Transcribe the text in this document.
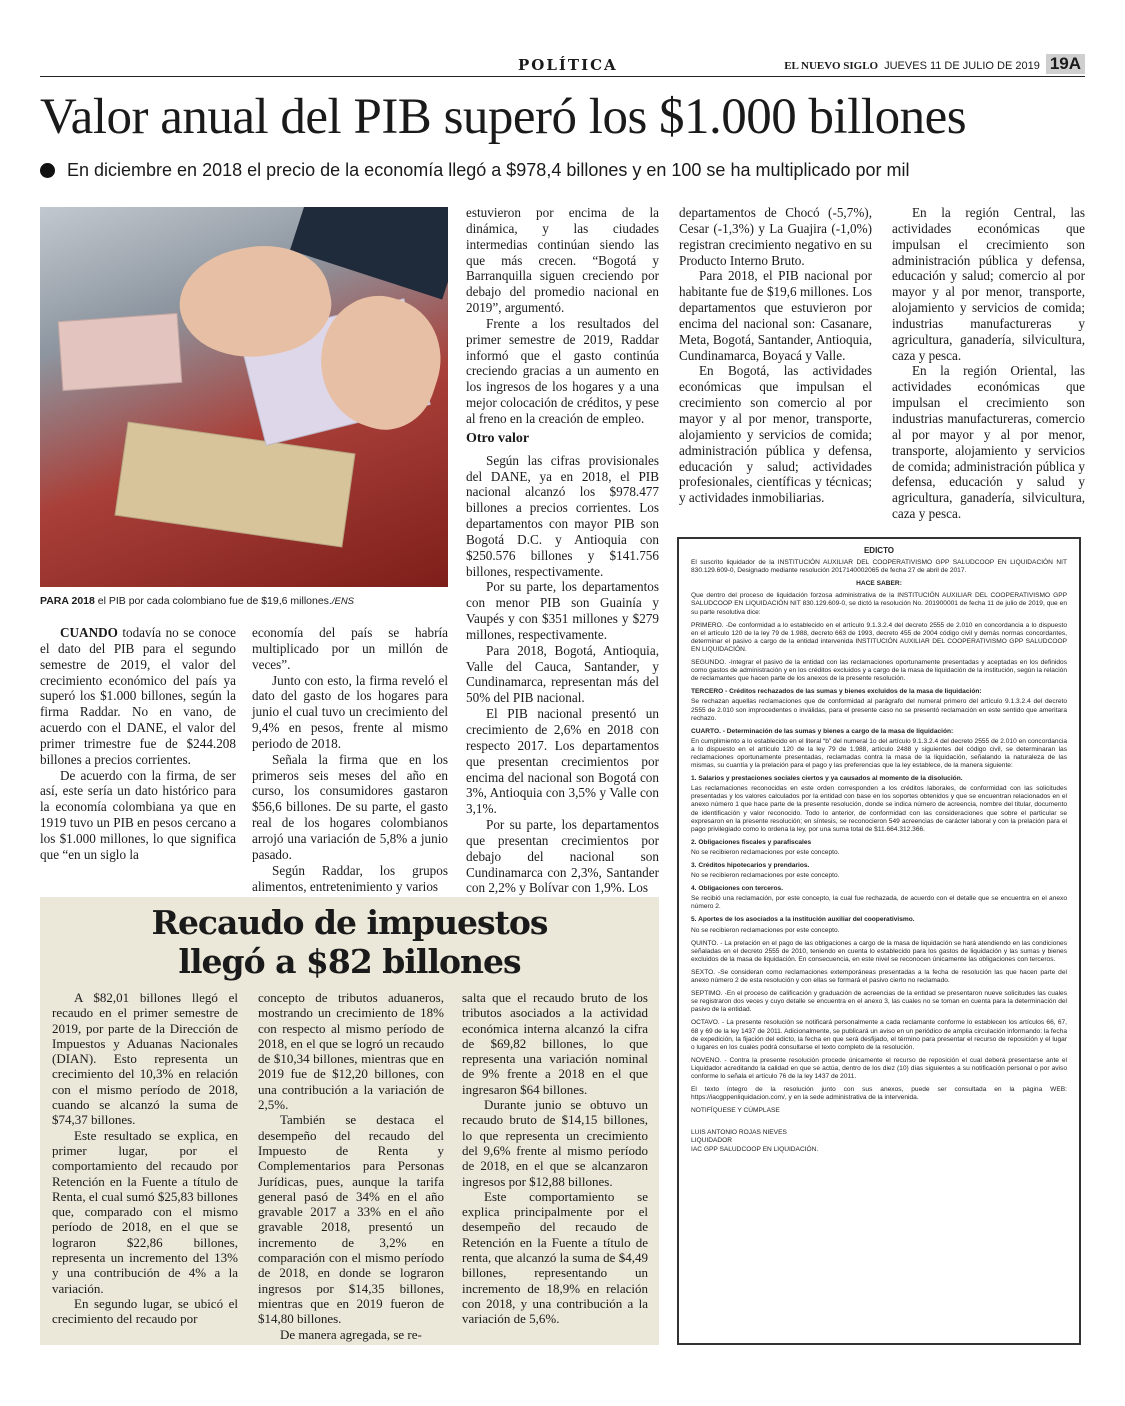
POLÍTICA	EL NUEVO SIGLO JUEVES 11 DE JULIO DE 2019 19A
Valor anual del PIB superó los $1.000 billones
En diciembre en 2018 el precio de la economía llegó a $978,4 billones y en 100 se ha multiplicado por mil
PARA 2018 el PIB por cada colombiano fue de $19,6 millones./ENS

CUANDO todavía no se conoce el dato del PIB para el segundo semestre de 2019, el valor del crecimiento económico del país ya superó los $1.000 billones, según la firma Raddar. No en vano, de acuerdo con el DANE, el valor del primer trimestre fue de $244.208 billones a precios corrientes.

De acuerdo con la firma, de ser así, este sería un dato histórico para la economía colombiana ya que en 1919 tuvo un PIB en pesos cercano a los $1.000 millones, lo que significa que “en un siglo la

economía del país se habría multiplicado por un millón de veces”.

Junto con esto, la firma reveló el dato del gasto de los hogares para junio el cual tuvo un crecimiento del 9,4% en pesos, frente al mismo periodo de 2018.

Señala la firma que en los primeros seis meses del año en curso, los consumidores gastaron $56,6 billones. De su parte, el gasto real de los hogares colombianos arrojó una variación de 5,8% a junio pasado.

Según Raddar, los grupos alimentos, entretenimiento y varios

estuvieron por encima de la dinámica, y las ciudades intermedias continúan siendo las que más crecen. “Bogotá y Barranquilla siguen creciendo por debajo del promedio nacional en 2019”, argumentó.

Frente a los resultados del primer semestre de 2019, Raddar informó que el gasto continúa creciendo gracias a un aumento en los ingresos de los hogares y a una mejor colocación de créditos, y pese al freno en la creación de empleo.

Otro valor

Según las cifras provisionales del DANE, ya en 2018, el PIB nacional alcanzó los $978.477 billones a precios corrientes. Los departamentos con mayor PIB son Bogotá D.C. y Antioquia con $250.576 billones y $141.756 billones, respectivamente.

Por su parte, los departamentos con menor PIB son Guainía y Vaupés y con $351 millones y $279 millones, respectivamente.

Para 2018, Bogotá, Antioquia, Valle del Cauca, Santander, y Cundinamarca, representan más del 50% del PIB nacional.

El PIB nacional presentó un crecimiento de 2,6% en 2018 con respecto 2017. Los departamentos que presentan crecimientos por encima del nacional son Bogotá con 3%, Antioquia con 3,5% y Valle con 3,1%.

Por su parte, los departamentos que presentan crecimientos por debajo del nacional son Cundinamarca con 2,3%, Santander con 2,2% y Bolívar con 1,9%. Los

departamentos de Chocó (-5,7%), Cesar (-1,3%) y La Guajira (-1,0%) registran crecimiento negativo en su Producto Interno Bruto.

Para 2018, el PIB nacional por habitante fue de $19,6 millones. Los departamentos que estuvieron por encima del nacional son: Casanare, Meta, Bogotá, Santander, Antioquia, Cundinamarca, Boyacá y Valle.

En Bogotá, las actividades económicas que impulsan el crecimiento son comercio al por mayor y al por menor, transporte, alojamiento y servicios de comida; administración pública y defensa, educación y salud; actividades profesionales, científicas y técnicas; y actividades inmobiliarias.

En la región Central, las actividades económicas que impulsan el crecimiento son administración pública y defensa, educación y salud; comercio al por mayor y al por menor, transporte, alojamiento y servicios de comida; industrias manufactureras y agricultura, ganadería, silvicultura, caza y pesca.

En la región Oriental, las actividades económicas que impulsan el crecimiento son industrias manufactureras, comercio al por mayor y al por menor, transporte, alojamiento y servicios de comida; administración pública y defensa, educación y salud y agricultura, ganadería, silvicultura, caza y pesca.

Recaudo de impuestos
llegó a $82 billones

A $82,01 billones llegó el recaudo en el primer semestre de 2019, por parte de la Dirección de Impuestos y Aduanas Nacionales (DIAN). Esto representa un crecimiento del 10,3% en relación con el mismo período de 2018, cuando se alcanzó la suma de $74,37 billones.

Este resultado se explica, en primer lugar, por el comportamiento del recaudo por Retención en la Fuente a título de Renta, el cual sumó $25,83 billones que, comparado con el mismo período de 2018, en el que se lograron $22,86 billones, representa un incremento del 13% y una contribución de 4% a la variación.

En segundo lugar, se ubicó el crecimiento del recaudo por

concepto de tributos aduaneros, mostrando un crecimiento de 18% con respecto al mismo período de 2018, en el que se logró un recaudo de $10,34 billones, mientras que en 2019 fue de $12,20 billones, con una contribución a la variación de 2,5%.

También se destaca el desempeño del recaudo del Impuesto de Renta y Complementarios para Personas Jurídicas, pues, aunque la tarifa general pasó de 34% en el año gravable 2017 a 33% en el año gravable 2018, presentó un incremento de 3,2% en comparación con el mismo período de 2018, en donde se lograron ingresos por $14,35 billones, mientras que en 2019 fueron de $14,80 billones.

De manera agregada, se re-

salta que el recaudo bruto de los tributos asociados a la actividad económica interna alcanzó la cifra de $69,82 billones, lo que representa una variación nominal de 9% frente a 2018 en el que ingresaron $64 billones.

Durante junio se obtuvo un recaudo bruto de $14,15 billones, lo que representa un crecimiento del 9,6% frente al mismo período de 2018, en el que se alcanzaron ingresos por $12,88 billones.

Este comportamiento se explica principalmente por el desempeño del recaudo de Retención en la Fuente a título de renta, que alcanzó la suma de $4,49 billones, representando un incremento de 18,9% en relación con 2018, y una contribución a la variación de 5,6%.

EDICTO

El suscrito liquidador de la INSTITUCIÓN AUXILIAR DEL COOPERATIVISMO GPP SALUDCOOP EN LIQUIDACIÓN NIT 830.129.609-0, Designado mediante resolución 2017140002065 de fecha 27 de abril de 2017.

HACE SABER:

Que dentro del proceso de liquidación forzosa administrativa de la INSTITUCIÓN AUXILIAR DEL COOPERATIVISMO GPP SALUDCOOP EN LIQUIDACIÓN NIT 830.129.609-0, se dictó la resolución No. 201900001 de fecha 11 de julio de 2019, que en su parte resolutiva dice:

PRIMERO. -De conformidad a lo establecido en el artículo 9.1.3.2.4 del decreto 2555 de 2.010 en concordancia a lo dispuesto en el artículo 120 de la ley 79 de 1.988, decreto 663 de 1993, decreto 455 de 2004 código civil y demás normas concordantes, determinar el pasivo a cargo de la entidad intervenida INSTITUCIÓN AUXILIAR DEL COOPERATIVISMO GPP SALUDCOOP EN LIQUIDACIÓN.

SEGUNDO. -Integrar el pasivo de la entidad con las reclamaciones oportunamente presentadas y aceptadas en los definidos como gastos de administración y en los créditos excluidos y a cargo de la masa de liquidación de la institución, según la relación de reclamantes que hacen parte de los anexos de la presente resolución.

TERCERO - Créditos rechazados de las sumas y bienes excluidos de la masa de liquidación:

Se rechazan aquellas reclamaciones que de conformidad al parágrafo del numeral primero del artículo 9.1.3.2.4 del decreto 2555 de 2.010 son improcedentes o inválidas, para el presente caso no se presentó reclamación en este sentido que ameritara rechazo.

CUARTO. - Determinación de las sumas y bienes a cargo de la masa de liquidación:

En cumplimiento a lo establecido en el literal “b” del numeral 1o del artículo 9.1.3.2.4 del decreto 2555 de 2.010 en concordancia a lo dispuesto en el artículo 120 de la ley 79 de 1.988, artículo 2488 y siguientes del código civil, se determinaran las reclamaciones oportunamente presentadas, reclamadas contra la masa de la liquidación, señalando la naturaleza de las mismas, su cuantía y la prelación para el pago y las preferencias que la ley establece, de la manera siguiente:

1. Salarios y prestaciones sociales ciertos y ya causados al momento de la disolución.

Las reclamaciones reconocidas en este orden corresponden a los créditos laborales, de conformidad con las solicitudes presentadas y los valores calculados por la entidad con base en los soportes obtenidos y que se encuentran relacionados en el anexo número 1 que hace parte de la presente resolución, donde se indica número de acreencia, nombre del titular, documento de identificación y valor reconocido. Todo lo anterior, de conformidad con las consideraciones que sobre el particular se expresaron en la presente resolución; en síntesis, se reconocieron 549 acreencias de carácter laboral y con la prelación para el pago privilegiado como lo ordena la ley, por una suma total de $11.664.312.366.

2. Obligaciones fiscales y parafiscales

No se recibieron reclamaciones por este concepto.

3. Créditos hipotecarios y prendarios.

No se recibieron reclamaciones por este concepto.

4. Obligaciones con terceros.

Se recibió una reclamación, por este concepto, la cual fue rechazada, de acuerdo con el detalle que se encuentra en el anexo número 2.

5. Aportes de los asociados a la institución auxiliar del cooperativismo.

No se recibieron reclamaciones por este concepto.

QUINTO. - La prelación en el pago de las obligaciones a cargo de la masa de liquidación se hará atendiendo en las condiciones señaladas en el decreto 2555 de 2010, teniendo en cuenta lo establecido para los gastos de liquidación y las sumas y bienes excluidos de la masa de liquidación. En consecuencia, en este nivel se reconocen únicamente las obligaciones con terceros.

SEXTO. -Se consideran como reclamaciones extemporáneas presentadas a la fecha de resolución las que hacen parte del anexo número 2 de esta resolución y con ellas se formará el pasivo cierto no reclamado.

SEPTIMO. -En el proceso de calificación y graduación de acreencias de la entidad se presentaron nueve solicitudes las cuales se registraron dos veces y cuyo detalle se encuentra en el anexo 3, las cuales no se toman en cuenta para la determinación del pasivo de la entidad.

OCTAVO. - La presente resolución se notificará personalmente a cada reclamante conforme lo establecen los artículos 66, 67, 68 y 69 de la ley 1437 de 2011. Adicionalmente, se publicará un aviso en un periódico de amplia circulación informando: la fecha de expedición, la fijación del edicto, la fecha en que será desfijado, el término para presentar el recurso de reposición y el lugar o lugares en los cuales podrá consultarse el texto completo de la resolución.

NOVENO. - Contra la presente resolución procede únicamente el recurso de reposición el cual deberá presentarse ante el Liquidador acreditando la calidad en que se actúa, dentro de los diez (10) días siguientes a su notificación personal o por aviso conforme lo señala el artículo 76 de la ley 1437 de 2011.

El texto íntegro de la resolución junto con sus anexos, puede ser consultada en la página WEB: https://iacgppenliquidacion.com/, y en la sede administrativa de la intervenida.

NOTIFÍQUESE Y CÚMPLASE

LUIS ANTONIO ROJAS NIEVES
LIQUIDADOR
IAC GPP SALUDCOOP EN LIQUIDACIÓN.
